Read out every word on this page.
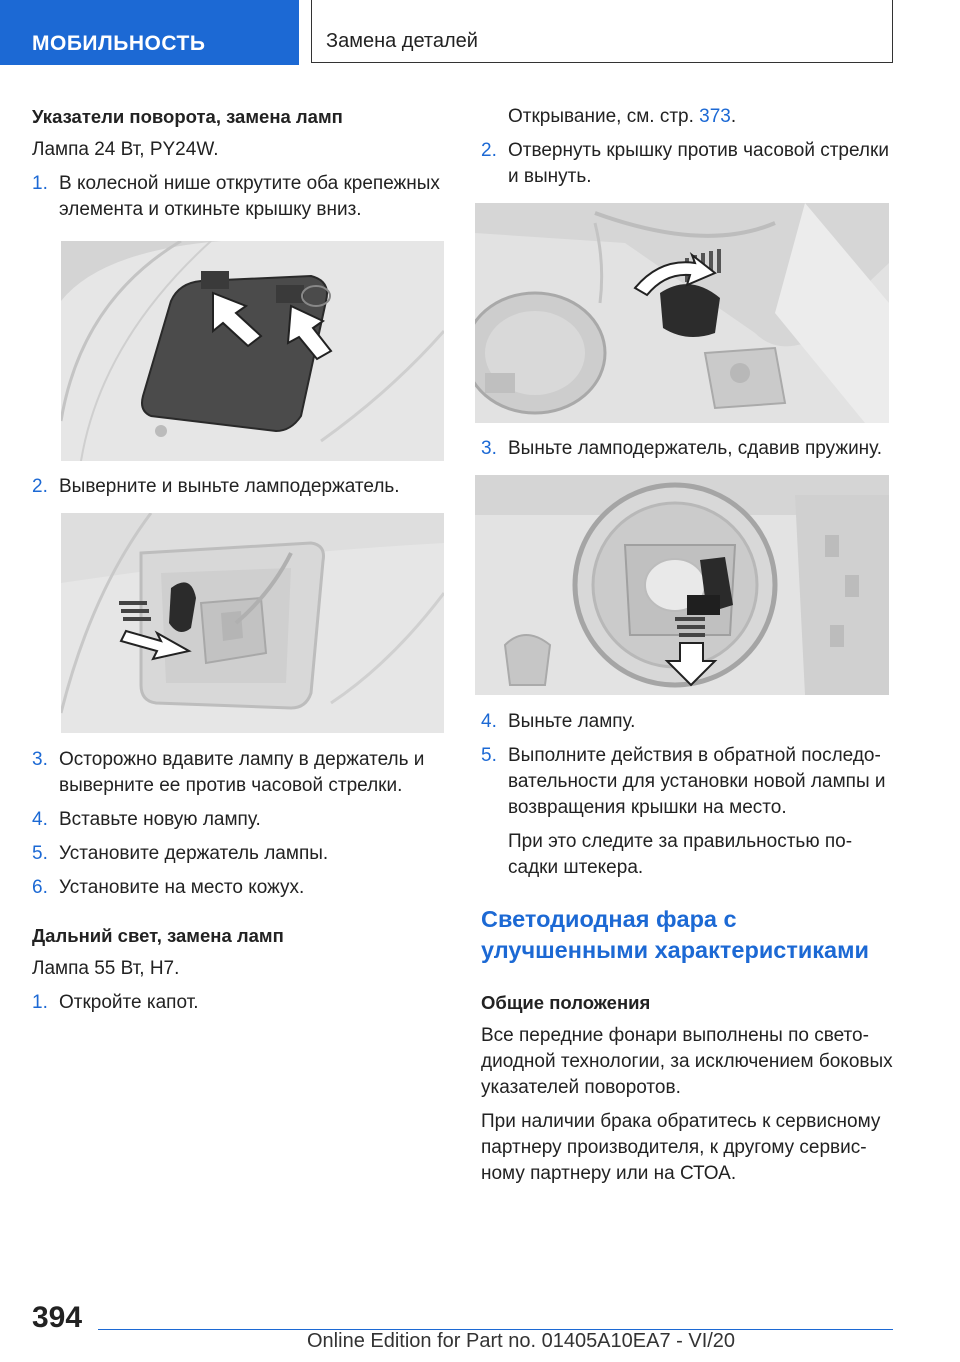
МОБИЛЬНОСТЬ	Замена деталей

Указатели поворота, замена ламп

Лампа 24 Вт, PY24W.

1. В колесной нише открутите оба крепежных

элемента и откиньте крышку вниз.

2. Выверните и выньте ламподержатель.

3. Осторожно вдавите лампу в держатель и

выверните ее против часовой стрелки.

4. Вставьте новую лампу.

5. Установите держатель лампы.

6. Установите на место кожух.

Дальний свет, замена ламп

Лампа 55 Вт, H7.

1. Откройте капот.

Открывание, см. стр. 373.

2. Отвернуть крышку против часовой стрелки

и вынуть.

3. Выньте ламподержатель, сдавив пружину.

4. Выньте лампу.

5. Выполните действия в обратной последо-

вательности для установки новой лампы и

возвращения крышки на место.

При это следите за правильностью по-

садки штекера.

Светодиодная фара с

улучшенными характеристиками

Общие положения

Все передние фонари выполнены по свето-

диодной технологии, за исключением боковых

указателей поворотов.

При наличии брака обратитесь к сервисному

партнеру производителя, к другому сервис-

ному партнеру или на СТОА.

394
Online Edition for Part no. 01405A10EA7 - VI/20
